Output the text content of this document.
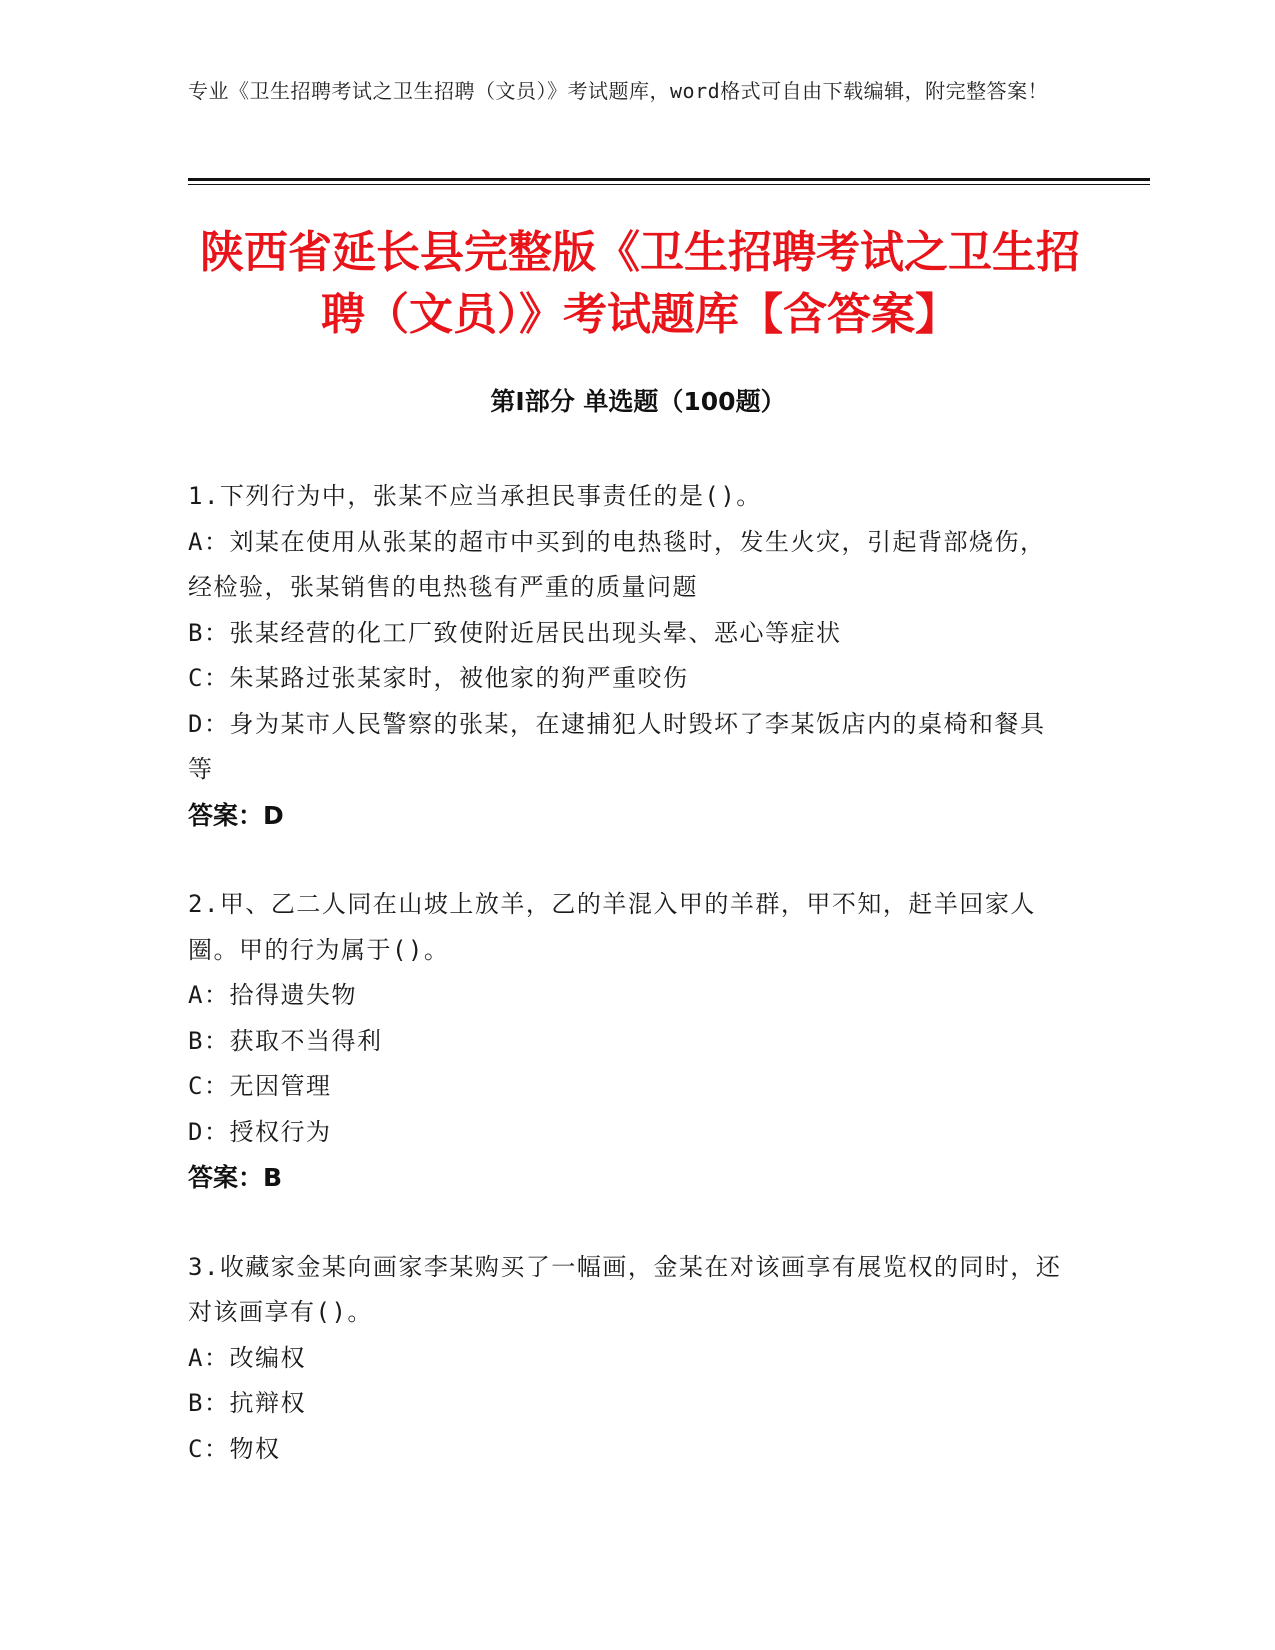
专业《卫生招聘考试之卫生招聘（文员）》考试题库，word格式可自由下载编辑，附完整答案！
陕西省延长县完整版《卫生招聘考试之卫生招聘（文员）》考试题库【含答案】
第Ⅰ部分 单选题（100题）
1.下列行为中，张某不应当承担民事责任的是()。
A：刘某在使用从张某的超市中买到的电热毯时，发生火灾，引起背部烧伤，经检验，张某销售的电热毯有严重的质量问题
B：张某经营的化工厂致使附近居民出现头晕、恶心等症状
C：朱某路过张某家时，被他家的狗严重咬伤
D：身为某市人民警察的张某，在逮捕犯人时毁坏了李某饭店内的桌椅和餐具等
答案：D
2.甲、乙二人同在山坡上放羊，乙的羊混入甲的羊群，甲不知，赶羊回家人圈。甲的行为属于()。
A：拾得遗失物
B：获取不当得利
C：无因管理
D：授权行为
答案：B
3.收藏家金某向画家李某购买了一幅画，金某在对该画享有展览权的同时，还对该画享有()。
A：改编权
B：抗辩权
C：物权
